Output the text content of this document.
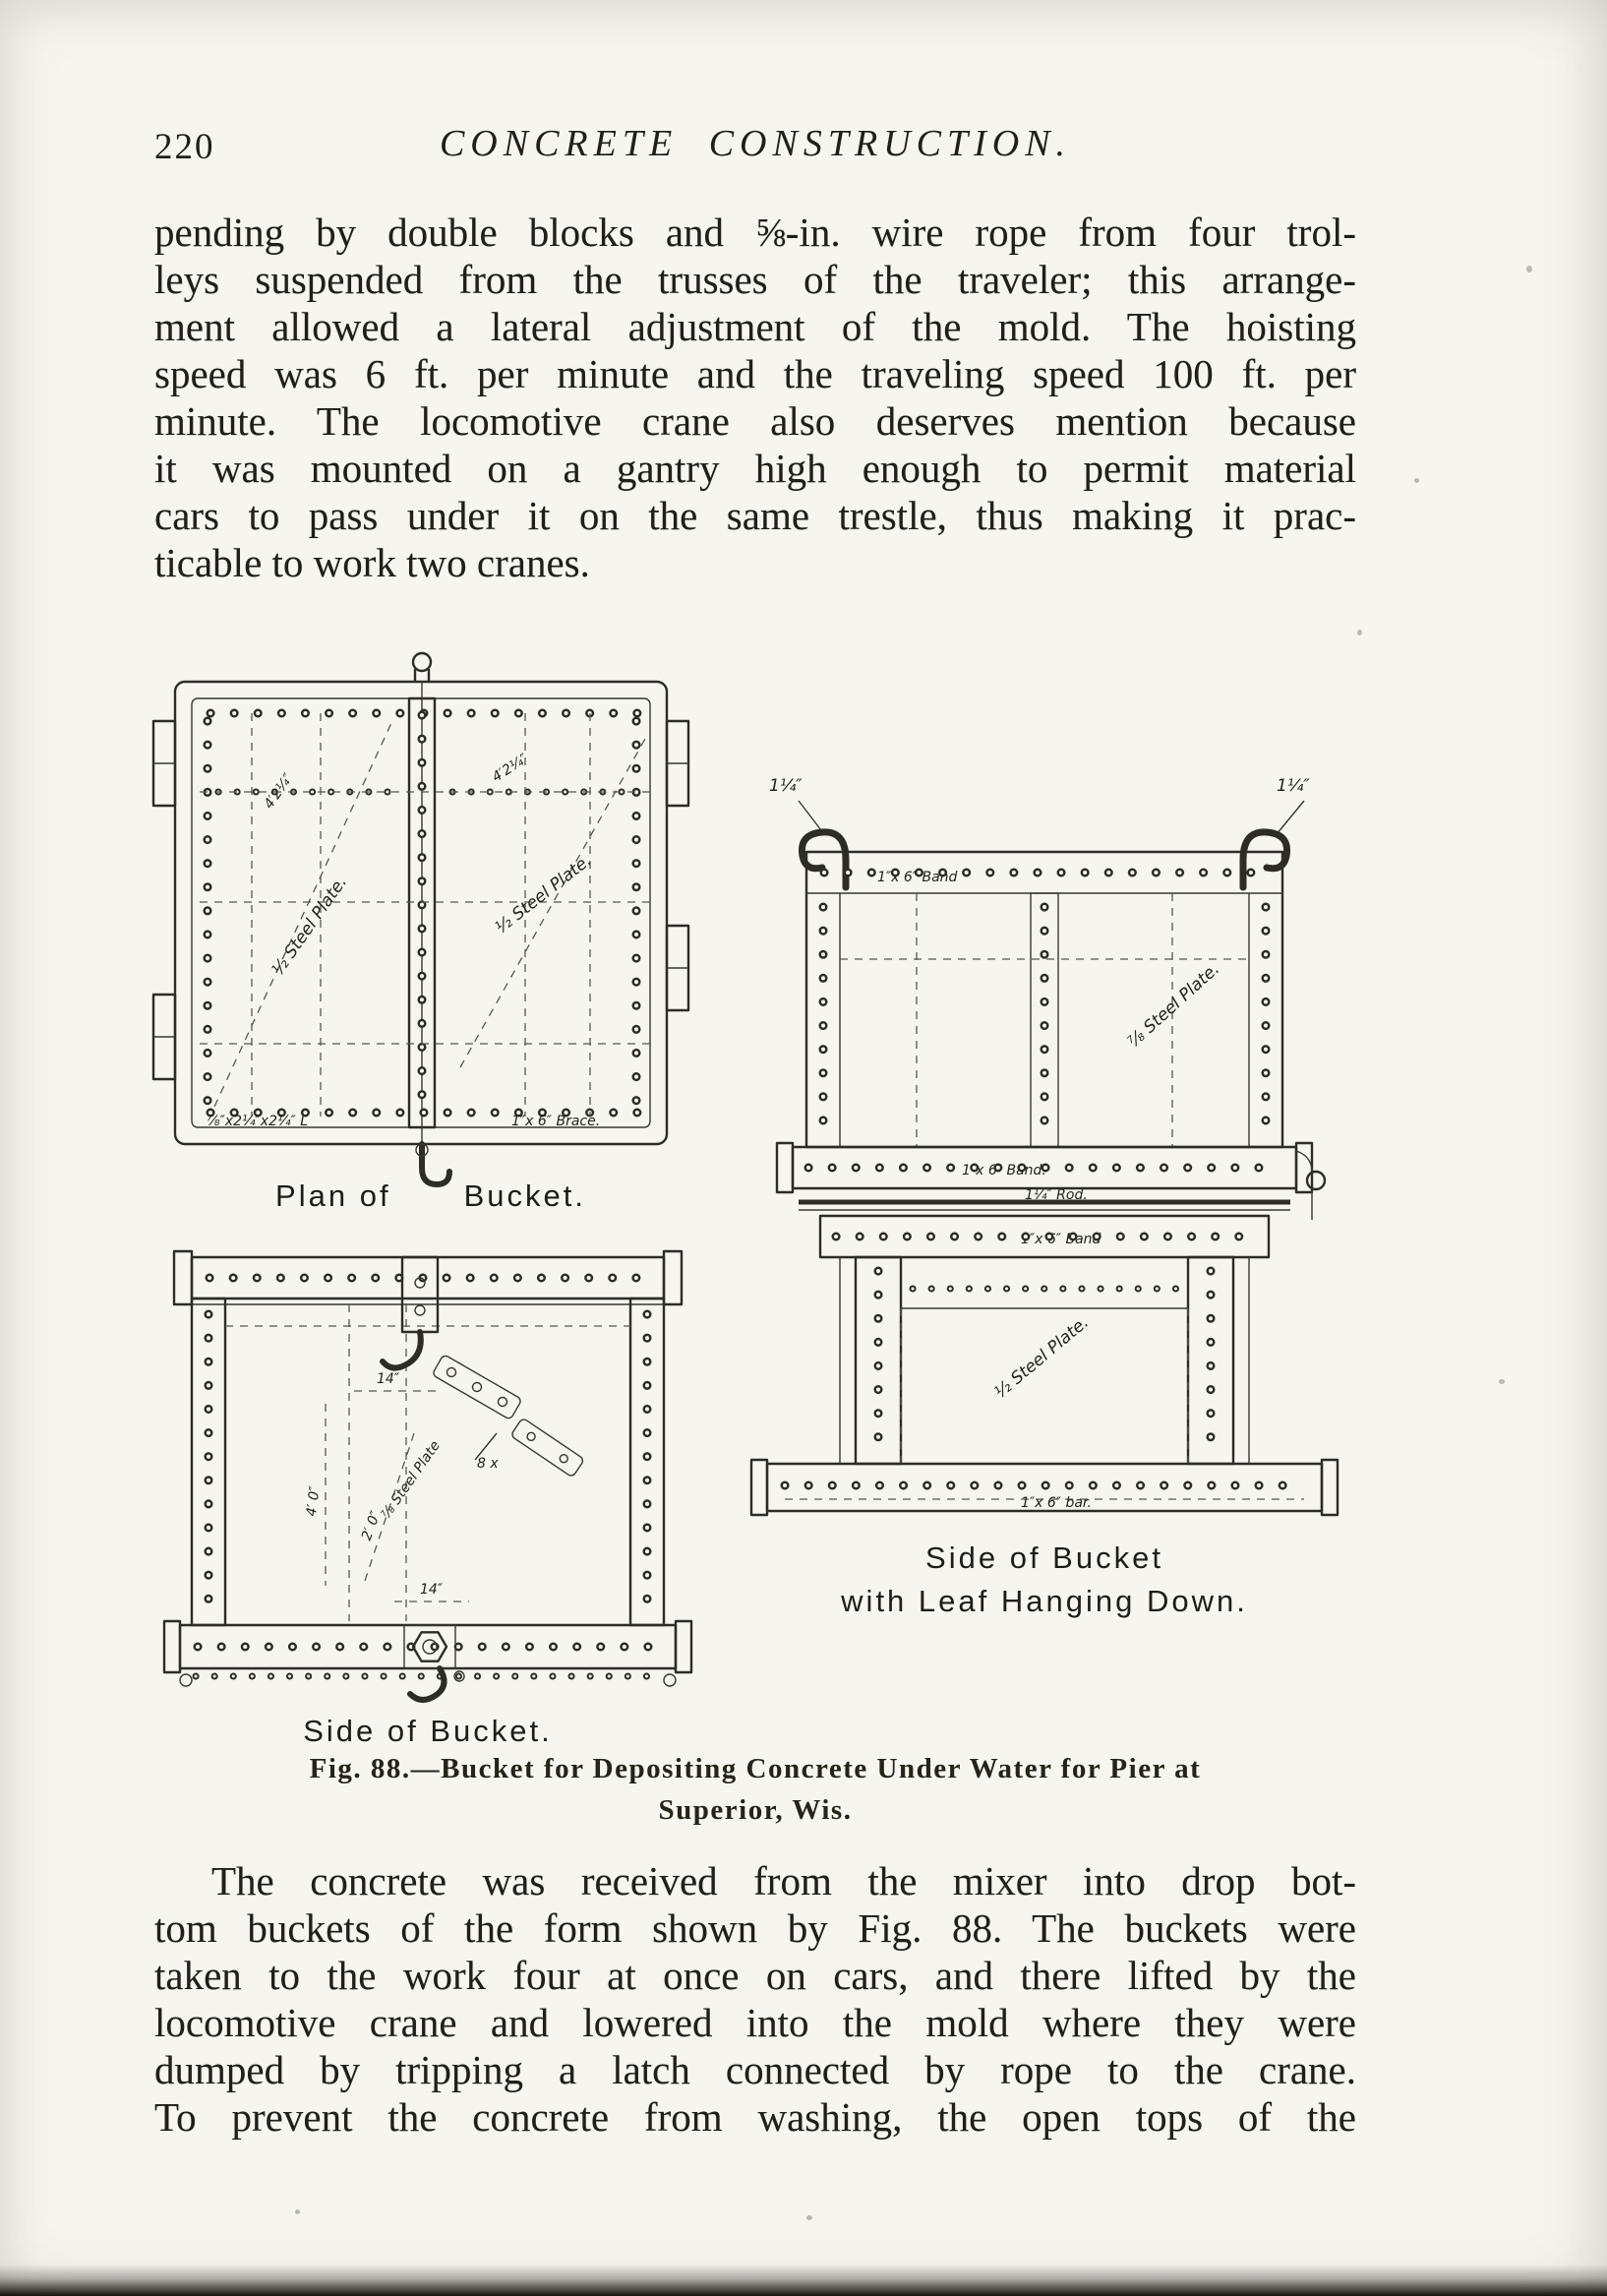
220	CONCRETE CONSTRUCTION.
pending by double blocks and ⅝-in. wire rope from four trol-
leys suspended from the trusses of the traveler; this arrange-
ment allowed a lateral adjustment of the mold. The hoisting
speed was 6 ft. per minute and the traveling speed 100 ft. per
minute. The locomotive crane also deserves mention because
it was mounted on a gantry high enough to permit material
cars to pass under it on the same trestle, thus making it prac-
ticable to work two cranes.
½ Steel Plate.	½ Steel Plate.
4′2¼″
4′2¼″
⅞″x2¼″x2¼″ L	1″x 6″ Brace.
Plan of Bucket.
14″
4′ 0″
2′ 0″
⅞ Steel Plate 8 x
14″
Side of Bucket.
1¼″	1¼″
1″x 6″ Band
⅞ Steel Plate.
1″x 6″ Band.
1¼″ Rod.
1″x 6″ Band
½ Steel Plate.
1″x 6″ bar.
Side of Bucket
with Leaf Hanging Down.
Fig. 88.—Bucket for Depositing Concrete Under Water for Pier at
Superior, Wis.
The concrete was received from the mixer into drop bot-
tom buckets of the form shown by Fig. 88. The buckets were
taken to the work four at once on cars, and there lifted by the
locomotive crane and lowered into the mold where they were
dumped by tripping a latch connected by rope to the crane.
To prevent the concrete from washing, the open tops of the
